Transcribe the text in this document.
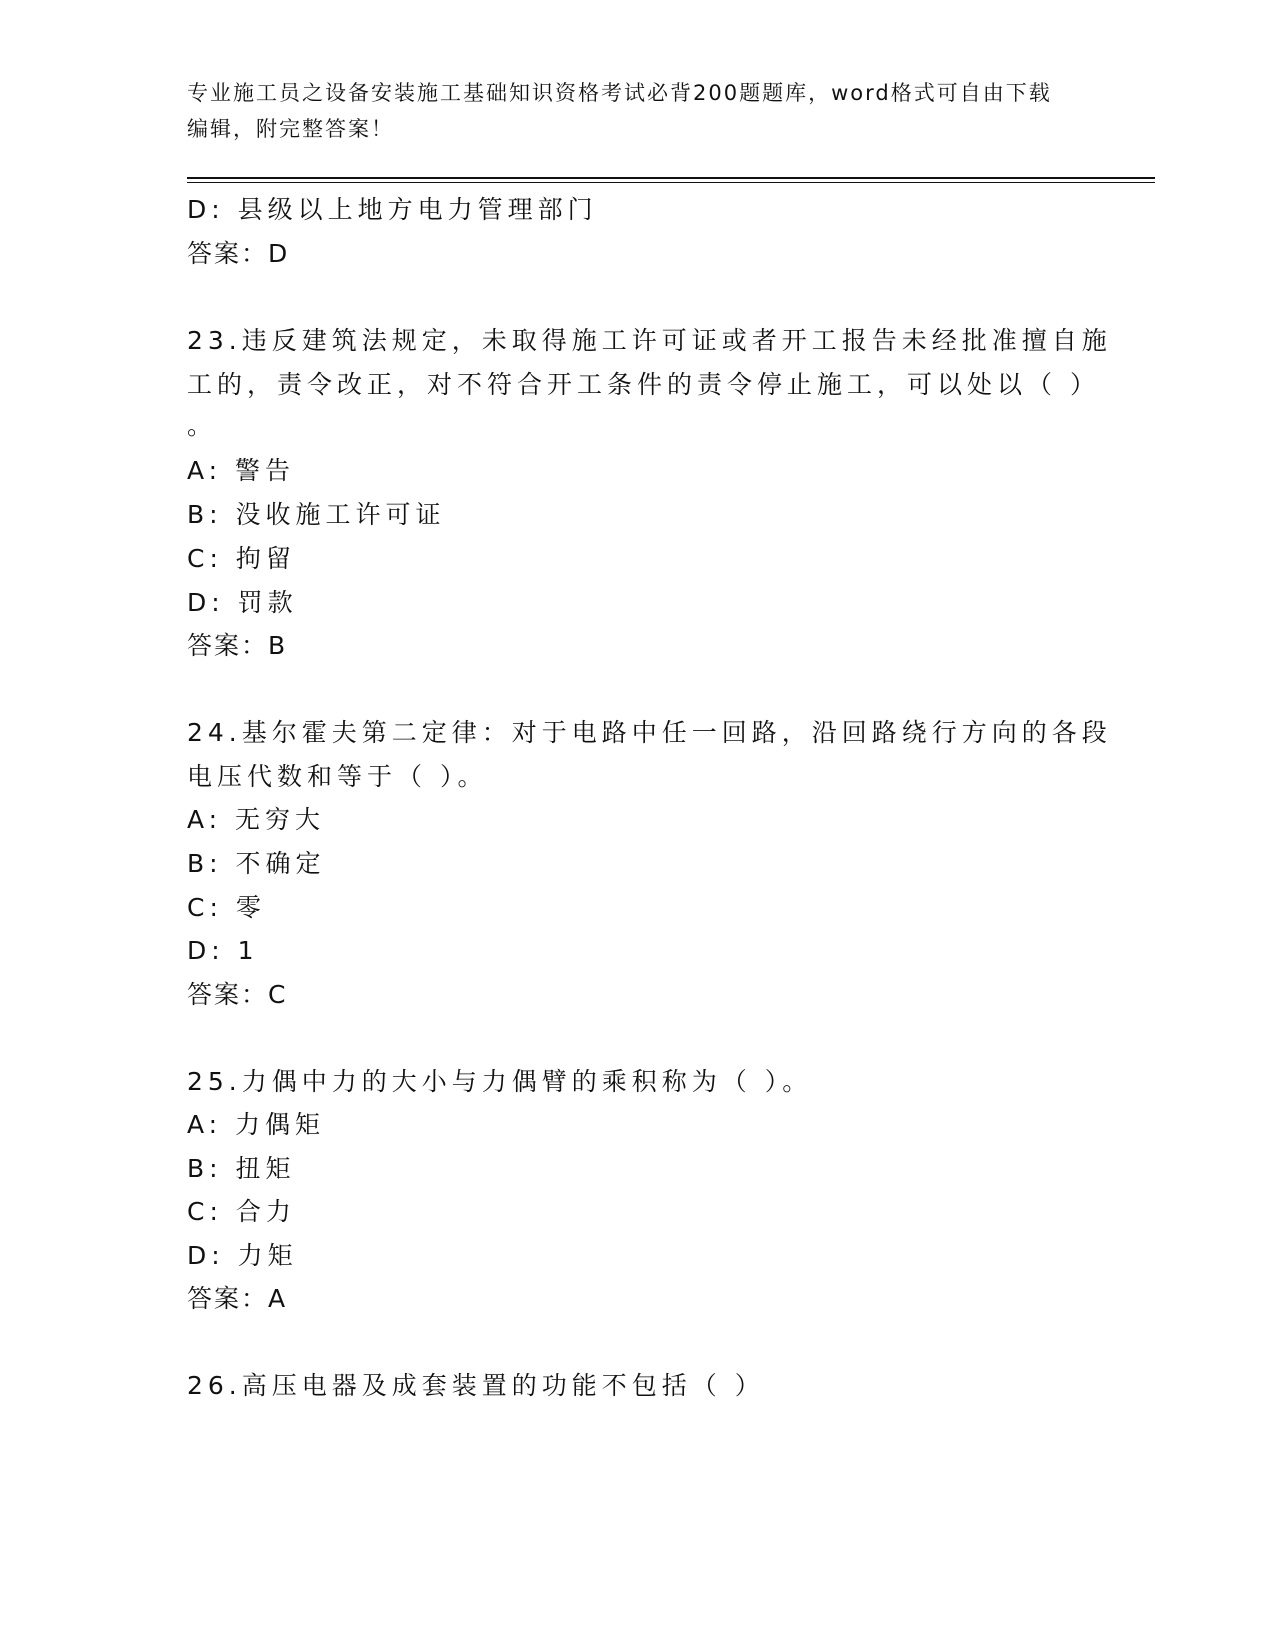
专业施工员之设备安装施工基础知识资格考试必背200题题库，word格式可自由下载编辑，附完整答案！
D: 县级以上地方电力管理部门
答案：D
23.违反建筑法规定，未取得施工许可证或者开工报告未经批准擅自施
工的，责令改正，对不符合开工条件的责令停止施工，可以处以（ ）
。
A: 警告
B: 没收施工许可证
C: 拘留
D: 罚款
答案：B
24.基尔霍夫第二定律：对于电路中任一回路，沿回路绕行方向的各段
电压代数和等于（ ）。
A: 无穷大
B: 不确定
C: 零
D: 1
答案：C
25.力偶中力的大小与力偶臂的乘积称为（ ）。
A: 力偶矩
B: 扭矩
C: 合力
D: 力矩
答案：A
26.高压电器及成套装置的功能不包括（ ）
